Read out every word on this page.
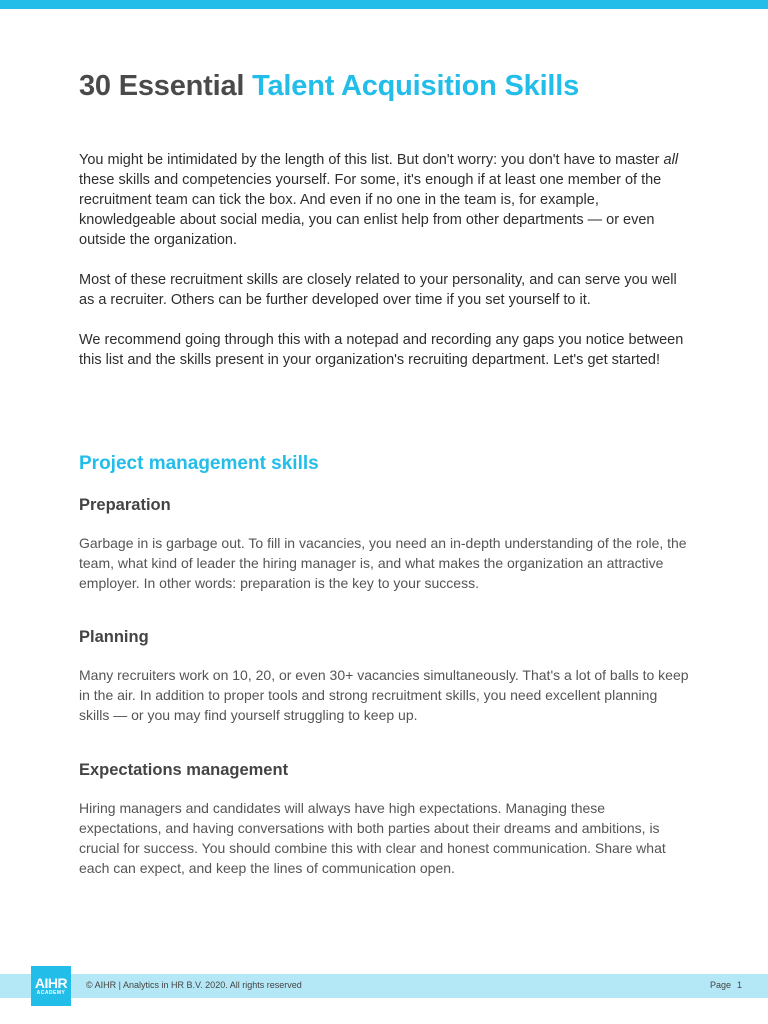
30 Essential Talent Acquisition Skills

You might be intimidated by the length of this list. But don't worry: you don't have to master all these skills and competencies yourself. For some, it's enough if at least one member of the recruitment team can tick the box. And even if no one in the team is, for example, knowledgeable about social media, you can enlist help from other departments — or even outside the organization.

Most of these recruitment skills are closely related to your personality, and can serve you well as a recruiter. Others can be further developed over time if you set yourself to it.

We recommend going through this with a notepad and recording any gaps you notice between this list and the skills present in your organization's recruiting department. Let's get started!

Project management skills
Preparation

Garbage in is garbage out. To fill in vacancies, you need an in-depth understanding of the role, the team, what kind of leader the hiring manager is, and what makes the organization an attractive employer. In other words: preparation is the key to your success.

Planning

Many recruiters work on 10, 20, or even 30+ vacancies simultaneously. That's a lot of balls to keep in the air. In addition to proper tools and strong recruitment skills, you need excellent planning skills — or you may find yourself struggling to keep up.

Expectations management

Hiring managers and candidates will always have high expectations. Managing these expectations, and having conversations with both parties about their dreams and ambitions, is crucial for success. You should combine this with clear and honest communication. Share what each can expect, and keep the lines of communication open.

AIHR
ACADEMY
© AIHR | Analytics in HR B.V. 2020. All rights reserved	Page 1
